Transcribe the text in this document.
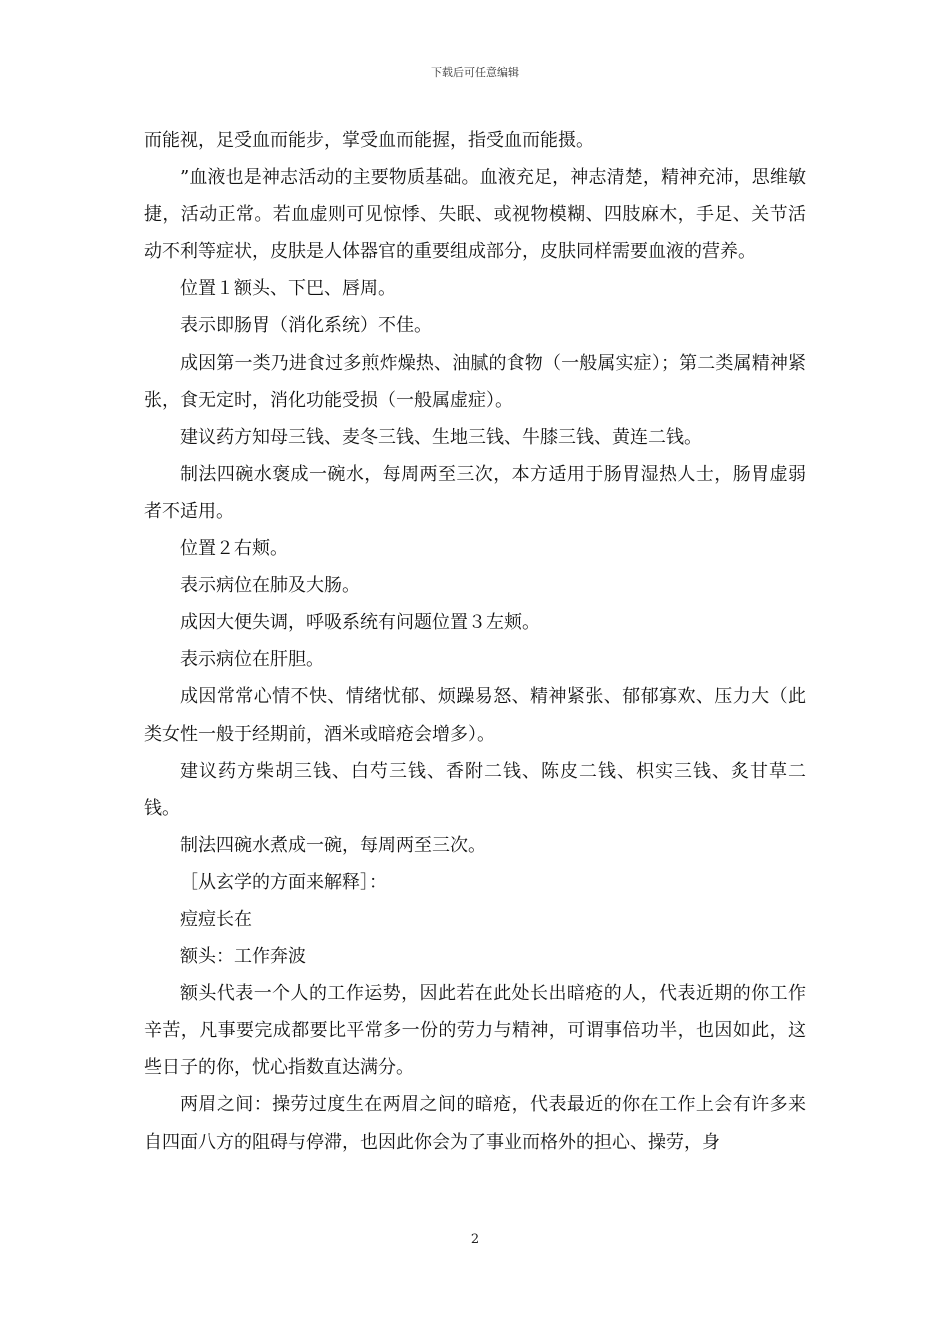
下载后可任意编辑

而能视，足受血而能步，掌受血而能握，指受血而能摄。

”血液也是神志活动的主要物质基础。血液充足，神志清楚，精神充沛，思维敏捷，活动正常。若血虚则可见惊悸、失眠、或视物模糊、四肢麻木，手足、关节活动不利等症状，皮肤是人体器官的重要组成部分，皮肤同样需要血液的营养。

位置１额头、下巴、唇周。

表示即肠胃（消化系统）不佳。

成因第一类乃进食过多煎炸燥热、油腻的食物（一般属实症）；第二类属精神紧张，食无定时，消化功能受损（一般属虚症）。

建议药方知母三钱、麦冬三钱、生地三钱、牛膝三钱、黄连二钱。

制法四碗水褒成一碗水，每周两至三次，本方适用于肠胃湿热人士，肠胃虚弱者不适用。

位置２右颊。

表示病位在肺及大肠。

成因大便失调，呼吸系统有问题位置３左颊。

表示病位在肝胆。

成因常常心情不快、情绪忧郁、烦躁易怒、精神紧张、郁郁寡欢、压力大（此类女性一般于经期前，酒米或暗疮会增多）。

建议药方柴胡三钱、白芍三钱、香附二钱、陈皮二钱、枳实三钱、炙甘草二钱。

制法四碗水煮成一碗，每周两至三次。

［从玄学的方面来解释］：

痘痘长在

额头：工作奔波

额头代表一个人的工作运势，因此若在此处长出暗疮的人，代表近期的你工作辛苦，凡事要完成都要比平常多一份的劳力与精神，可谓事倍功半，也因如此，这些日子的你，忧心指数直达满分。

两眉之间：操劳过度生在两眉之间的暗疮，代表最近的你在工作上会有许多来自四面八方的阻碍与停滞，也因此你会为了事业而格外的担心、操劳，身

2
